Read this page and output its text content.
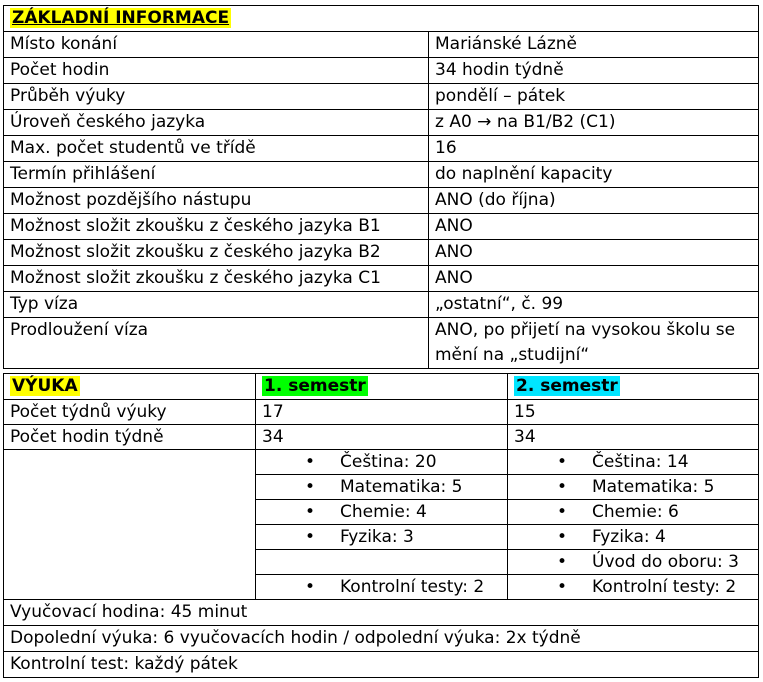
ZÁKLADNÍ INFORMACE	
Místo konání	Mariánské Lázně
Počet hodin	34 hodin týdně
Průběh výuky	pondělí – pátek
Úroveň českého jazyka	z A0 → na B1/B2 (C1)
Max. počet studentů ve třídě	16
Termín přihlášení	do naplnění kapacity
Možnost pozdějšího nástupu	ANO (do října)
Možnost složit zkoušku z českého jazyka B1	ANO
Možnost složit zkoušku z českého jazyka B2	ANO
Možnost složit zkoušku z českého jazyka C1	ANO
Typ víza	„ostatní“, č. 99
Prodloužení víza	ANO, po přijetí na vysokou školu se mění na „studijní“
VÝUKA	1. semestr	2. semestr
Počet týdnů výuky	17	15
Počet hodin týdně	34	34
	• Čeština: 20	• Čeština: 14
	• Matematika: 5	• Matematika: 5
	• Chemie: 4	• Chemie: 6
	• Fyzika: 3	• Fyzika: 4
		• Úvod do oboru: 3
	• Kontrolní testy: 2	• Kontrolní testy: 2
Vyučovací hodina: 45 minut		
Dopolední výuka: 6 vyučovacích hodin / odpolední výuka: 2x týdně		
Kontrolní test: každý pátek		
